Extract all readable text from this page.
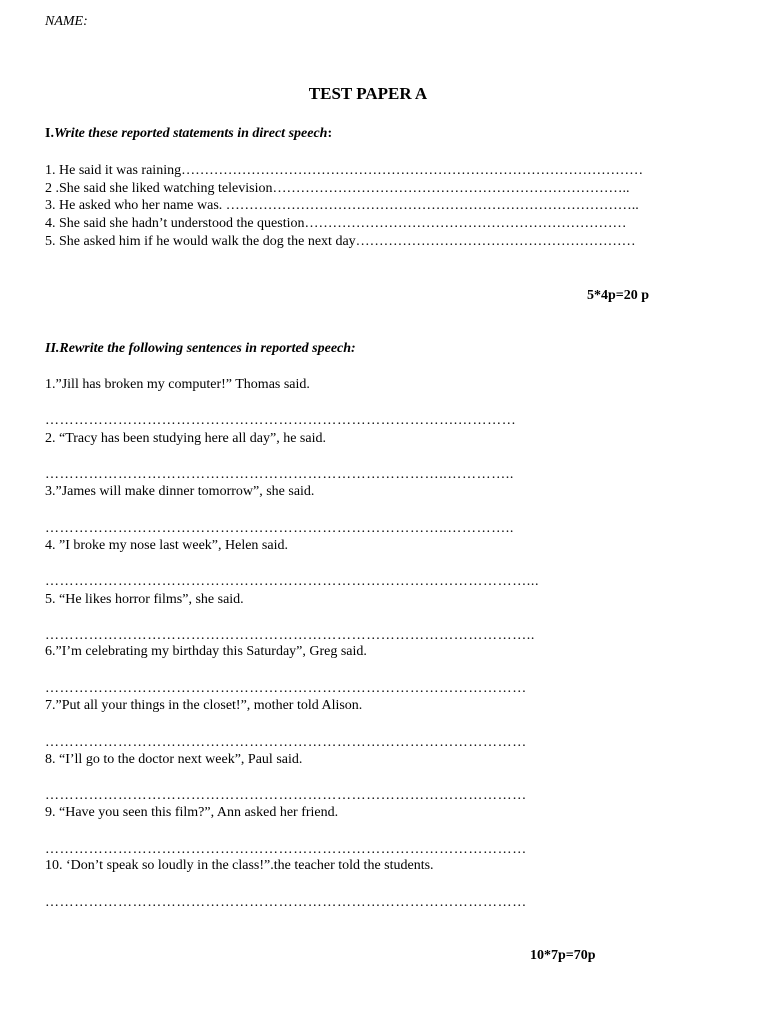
NAME:
TEST PAPER A
I.Write these reported statements in direct speech:
1. He said it was raining………………………………………………………………………………………
2 .She said she liked watching television…………………………………………………………………..
3. He asked who her name was. ……………………………………………………………………………..
4. She said she hadn’t understood the question……………………………………………………………
5. She asked him if he would walk the dog the next day……………………………………………………
5*4p=20 p
II.Rewrite the following sentences in reported speech:
1.”Jill has broken my computer!” Thomas said.
………………………………………………………………………….…………
2. “Tracy has been studying here all day”, he said.
………………………………………………………………………..…………..
3.”James will make dinner tomorrow”, she said.
………………………………………………………………………..…………..
4. ”I broke my nose last week”, Helen said.
………………………………………………………………………………………...
5. “He likes horror films”, she said.
………………………………………………………………………………………..
6.”I’m celebrating my birthday this Saturday”, Greg said.
………………………………………………………………………………………
7.”Put all your things in the closet!”, mother told Alison.
………………………………………………………………………………………
8. “I’ll go to the doctor next week”, Paul said.
………………………………………………………………………………………
9. “Have you seen this film?”, Ann asked her friend.
………………………………………………………………………………………
10. ‘Don’t speak so loudly in the class!”.the teacher told the students.
………………………………………………………………………………………
10*7p=70p
